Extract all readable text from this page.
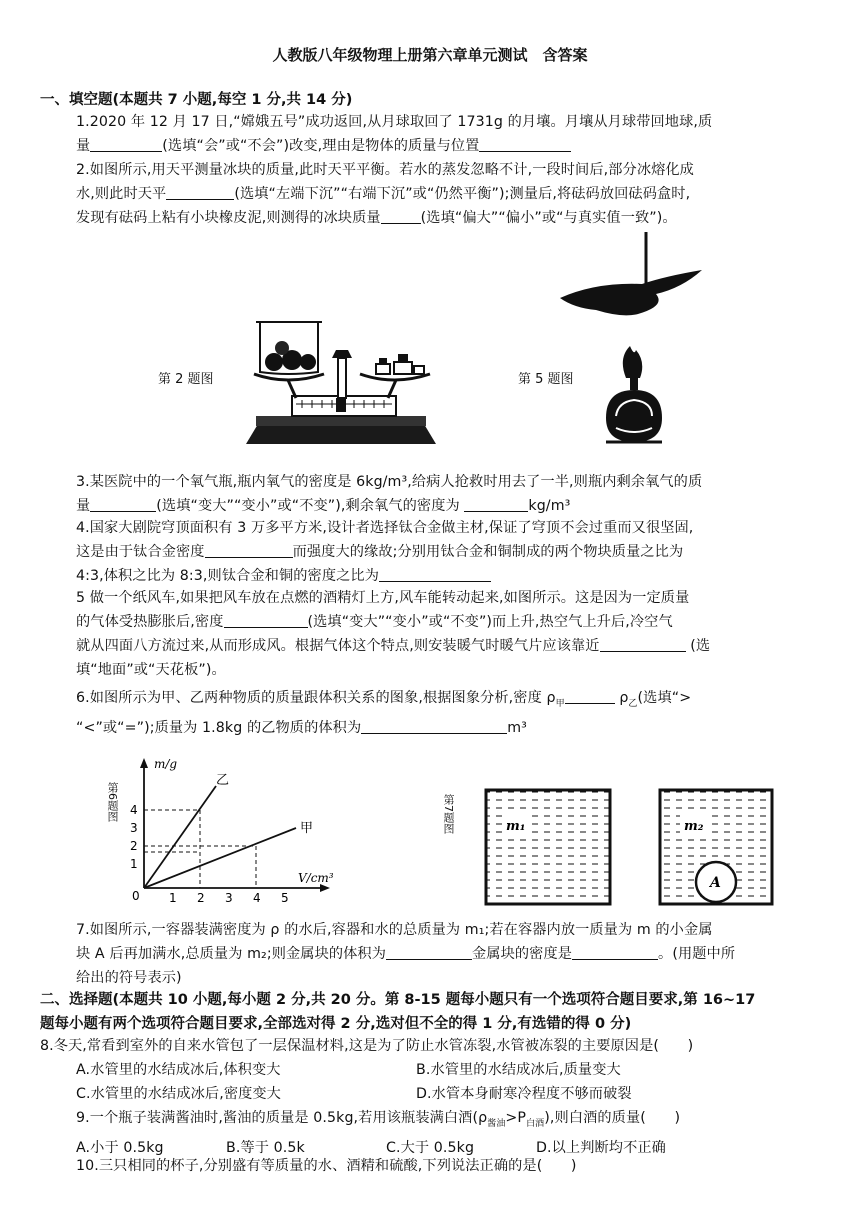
人教版八年级物理上册第六章单元测试　含答案
一、填空题(本题共 7 小题,每空 1 分,共 14 分)
1.2020 年 12 月 17 日,“嫦娥五号”成功返回,从月球取回了 1731g 的月壤。月壤从月球带回地球,质
量	(选填“会”或“不会”)改变,理由是物体的质量与位置
2.如图所示,用天平测量冰块的质量,此时天平平衡。若水的蒸发忽略不计,一段时间后,部分冰熔化成
水,则此时天平	(选填“左端下沉”“右端下沉”或“仍然平衡”);测量后,将砝码放回砝码盒时,
发现有砝码上粘有小块橡皮泥,则测得的冰块质量	(选填“偏大”“偏小”或“与真实值一致”)。
第 2 题图	第 5 题图
3.某医院中的一个氧气瓶,瓶内氧气的密度是 6kg/m³,给病人抢救时用去了一半,则瓶内剩余氧气的质
量	(选填“变大”“变小”或“不变”),剩余氧气的密度为	kg/m³
4.国家大剧院穹顶面积有 3 万多平方米,设计者选择钛合金做主材,保证了穹顶不会过重而又很坚固,
这是由于钛合金密度	而强度大的缘故;分别用钛合金和铜制成的两个物块质量之比为
4:3,体积之比为 8:3,则钛合金和铜的密度之比为
5 做一个纸风车,如果把风车放在点燃的酒精灯上方,风车能转动起来,如图所示。这是因为一定质量
的气体受热膨胀后,密度	(选填“变大”“变小”或“不变”)而上升,热空气上升后,冷空气
就从四面八方流过来,从而形成风。根据气体这个特点,则安装暖气时暖气片应该靠近	(选
填“地面”或“天花板”)。
6.如图所示为甲、乙两种物质的质量跟体积关系的图象,根据图象分析,密度 $\rho_甲$	$\rho_乙$(选填“>
“<”或“=”);质量为 1.8kg 的乙物质的体积为	m³
第6题图
m/g
V/cm³
0 1 2 3 4 5
1
2
3
4
乙
甲	第7题图	m₁	m₂
A
7.如图所示,一容器装满密度为 ρ 的水后,容器和水的总质量为 m₁;若在容器内放一质量为 m 的小金属
块 A 后再加满水,总质量为 m₂;则金属块的体积为	金属块的密度是	。(用题中所
给出的符号表示)
二、选择题(本题共 10 小题,每小题 2 分,共 20 分。第 8-15 题每小题只有一个选项符合题目要求,第 16~17
题每小题有两个选项符合题目要求,全部选对得 2 分,选对但不全的得 1 分,有选错的得 0 分)
8.冬天,常看到室外的自来水管包了一层保温材料,这是为了防止水管冻裂,水管被冻裂的主要原因是(　　)
A.水管里的水结成冰后,体积变大	B.水管里的水结成冰后,质量变大
C.水管里的水结成冰后,密度变大	D.水管本身耐寒冷程度不够而破裂
9.一个瓶子装满酱油时,酱油的质量是 0.5kg,若用该瓶装满白酒$(\rho_{酱油}>P_{白酒})$,则白酒的质量(　　)
A.小于 0.5kg	B.等于 0.5k	C.大于 0.5kg	D.以上判断均不正确
10.三只相同的杯子,分别盛有等质量的水、酒精和硫酸,下列说法正确的是(　　)
